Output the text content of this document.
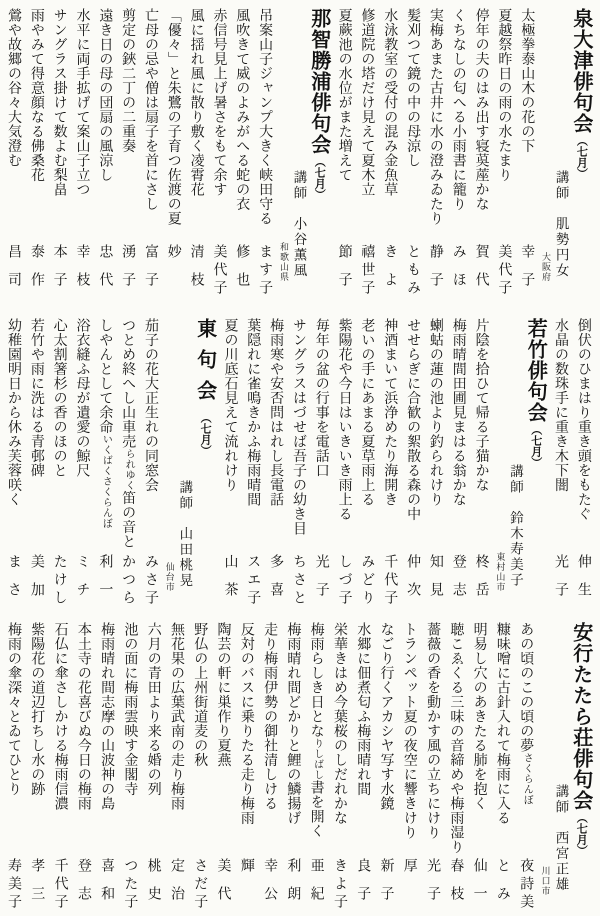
泉大津俳句会
（七月）
講師　肌勢円女
大阪府
太極拳泰山木の花の下
幸子
夏越祭昨日の雨の水たまり
美代子
停年の夫のはみ出す寝茣蓙かな
賀代
くちなしの匂へる小雨書に籠り
みほ
実梅あまた古井に水の澄みゐたり
静子
髪刈つて鏡の中の母涼し
ともみ
水泳教室の受付の混み金魚草
きよ
修道院の塔だけ見えて夏木立
禧世子
夏蕨池の水位がまた増えて
節子
那智勝浦俳句会
（七月）
講師　小谷薫風
和歌山県
吊案山子ジャンプ大きく峡田守る
ます子
風吹きて威のよみがへる蛇の衣
修也
赤信号見上げ暑さをもて余す
美代子
風に揺れ風に散り敷く凌霄花
清枝
「優々」と朱鷺の子育つ佐渡の夏
妙
亡母の忌や僧は扇子を首にさし
富子
剪定の鋏二丁の二重奏
湧子
遠き日の母の団扇の風涼し
忠代
水平に両手拡げて案山子立つ
幸枝
サングラス掛けて数よむ梨畠
本子
雨やみて得意顔なる佛桑花
泰作
鶯や故郷の谷々大気澄む
昌司
倒伏のひまはり重き頭をもたぐ
伸生
水晶の数珠手に重き木下闇
光子
若竹俳句会
（七月）
講師　鈴木寿美子
東村山市
片陰を拾ひて帰る子猫かな
柊岳
梅雨晴間田圃見まはる翁かな
登志
蝲蛄の蓮の池より釣られけり
知見
せせらぎに合歓の絮散る森の中
仲次
神酒まいて浜浄めたり海開き
千代子
老いの手にあまる夏草雨上る
みどり
紫陽花や今日はいきいき雨上る
しづ子
毎年の盆の行事を電話口
光子
サングラスはづせば吾子の幼き目
ちさと
梅雨寒や安否問はれし長電話
多喜
葉隠れに雀鳴きかふ梅雨晴間
スエ子
夏の川底石見えて流れけり
山茶
東句会
（七月）
講師　山田桃晃
仙台市
茄子の花大正生れの同窓会
みさ子
つとめ終へし山車売られゆく笛の音と
かつら
しやんとして余命いくばくさくらんぼ
利一
浴衣縫ふ母が遺愛の鯨尺
ミチ
心太割箸杉の香のほのと
たけし
若竹や雨に洗はる青邨碑
美加
幼稚園明日から休み芙蓉咲く
まさ
安行たたら荘俳句会
（七月）
講師　西宮正雄
川口市
あの頃のこの頃の夢さくらんぼ
夜詩美
糠味噌に古針入れて梅雨に入る
とみ
明易し穴のあきたる肺を抱く
仙一
聴こゑくる三味の音締めや梅雨湿り
春枝
薔薇の香を動かす風の立ちにけり
光子
トランペット夏の夜空に響きけり
厚
なごり行くアカシヤ写す水鏡
新子
水郷に佃煮匂ふ梅雨晴れ間
良子
栄華きはめ今葉桜のしだれかな
きよ子
梅雨らしき日となりしばし書を開く
亜紀
梅雨晴れ間どかりと鯉の鱗揚げ
利朗
走り梅雨伊勢の御社清しける
幸公
反対のバスに乗りたる走り梅雨
輝
陶芸の軒に巣作り夏燕
美代
野仏の上州街道麦の秋
さだ子
無花果の広葉武南の走り梅雨
定治
六月の青田より来る婚の列
桃史
池の面に梅雨雲映す金閣寺
つた子
梅雨晴れ間志摩の山波神の島
喜和
本土寺の花喜びぬ今日の梅雨
登志
石仏に傘さしかける梅雨信濃
千代子
紫陽花の道辺打ちし水の跡
孝三
梅雨の傘深々とゐてひとり
寿美子
